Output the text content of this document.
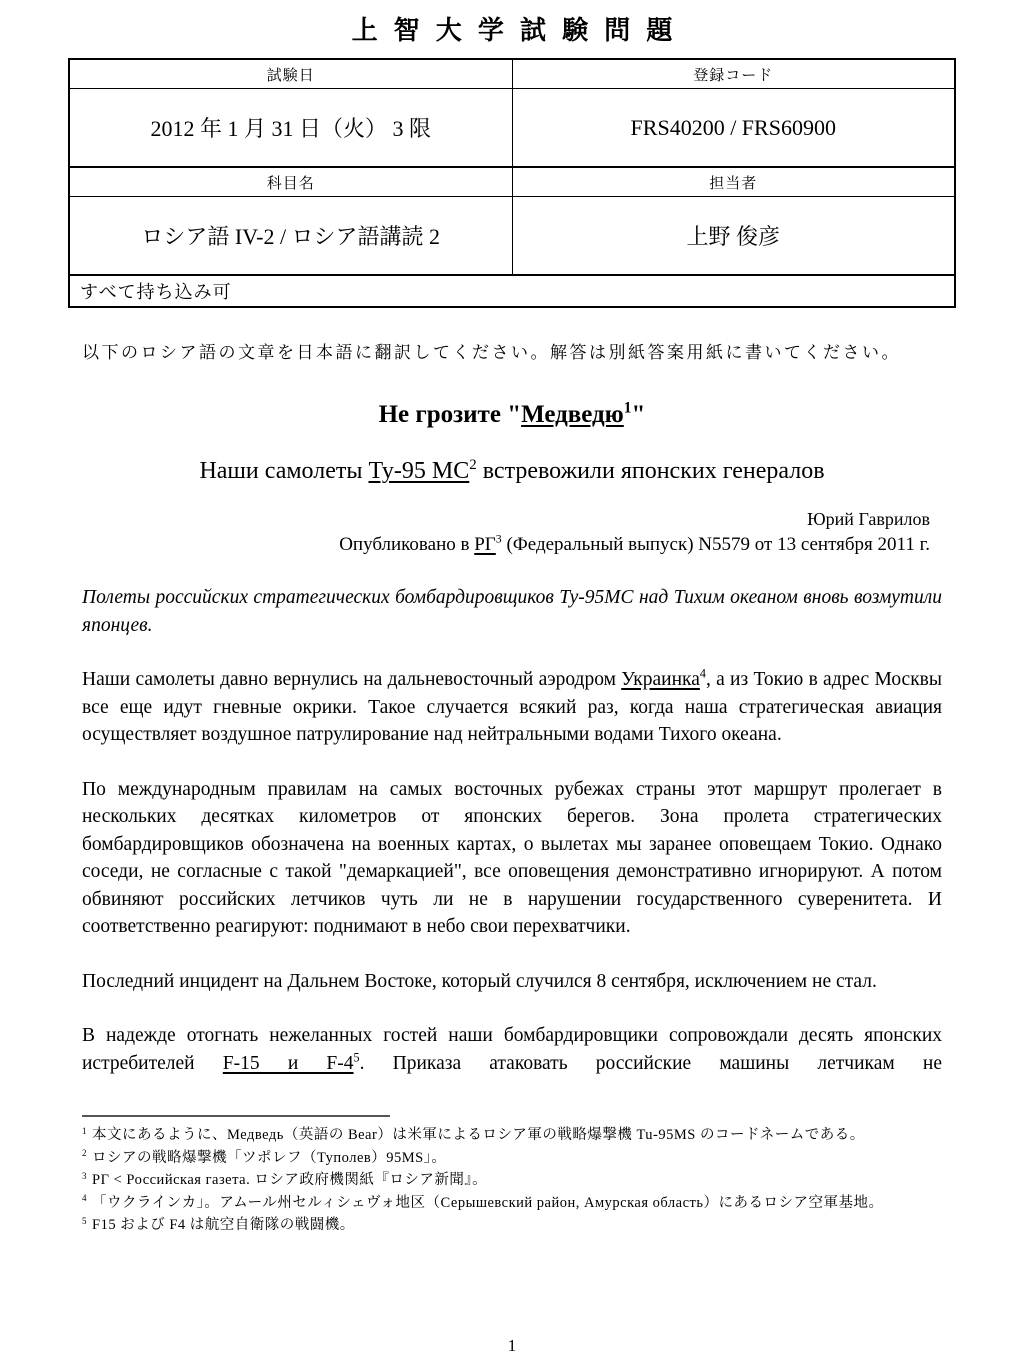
上智大学試験問題
試験日	登録コード
2012 年 1 月 31 日（火） 3 限	FRS40200 / FRS60900
科目名	担当者
ロシア語 IV-2 / ロシア語講読 2	上野 俊彦
すべて持ち込み可	

以下のロシア語の文章を日本語に翻訳してください。解答は別紙答案用紙に書いてください。

Не грозите "Медведю$^1$"
Наши самолеты Ту-95 $МС^2$ встревожили японских генералов

Юрий Гаврилов

Опубликовано в $РГ^3$ (Федеральный выпуск) N5579 от 13 сентября 2011 г.

Полеты российских стратегических бомбардировщиков Ту-95МС над Тихим океаном вновь возмутили японцев.

Наши самолеты давно вернулись на дальневосточный аэродром Украинка$^4$, а из Токио в адрес Москвы все еще идут гневные окрики. Такое случается всякий раз, когда наша стратегическая авиация осуществляет воздушное патрулирование над нейтральными водами Тихого океана.

По международным правилам на самых восточных рубежах страны этот маршрут пролегает в нескольких десятках километров от японских берегов. Зона пролета стратегических бомбардировщиков обозначена на военных картах, о вылетах мы заранее оповещаем Токио. Однако соседи, не согласные с такой "демаркацией", все оповещения демонстративно игнорируют. А потом обвиняют российских летчиков чуть ли не в нарушении государственного суверенитета. И соответственно реагируют: поднимают в небо свои перехватчики.

Последний инцидент на Дальнем Востоке, который случился 8 сентября, исключением не стал.

В надежде отогнать нежеланных гостей наши бомбардировщики сопровождали десять японских истребителей F-15 и $F-4^5$. Приказа атаковать российские машины летчикам не

$^1$ 本文にあるように、Медведь（英語の Bear）は米軍によるロシア軍の戦略爆撃機 Tu-95MS のコードネームである。

$^2$ ロシアの戦略爆撃機「ツポレフ（Туполев）95MS」。

$^3$ РГ < Российская газета. ロシア政府機関紙『ロシア新聞』。

$^4$ 「ウクラインカ」。アムール州セルィシェヴォ地区（Серышевский район, Амурская область）にあるロシア空軍基地。

$^5$ F15 および F4 は航空自衛隊の戦闘機。

1
